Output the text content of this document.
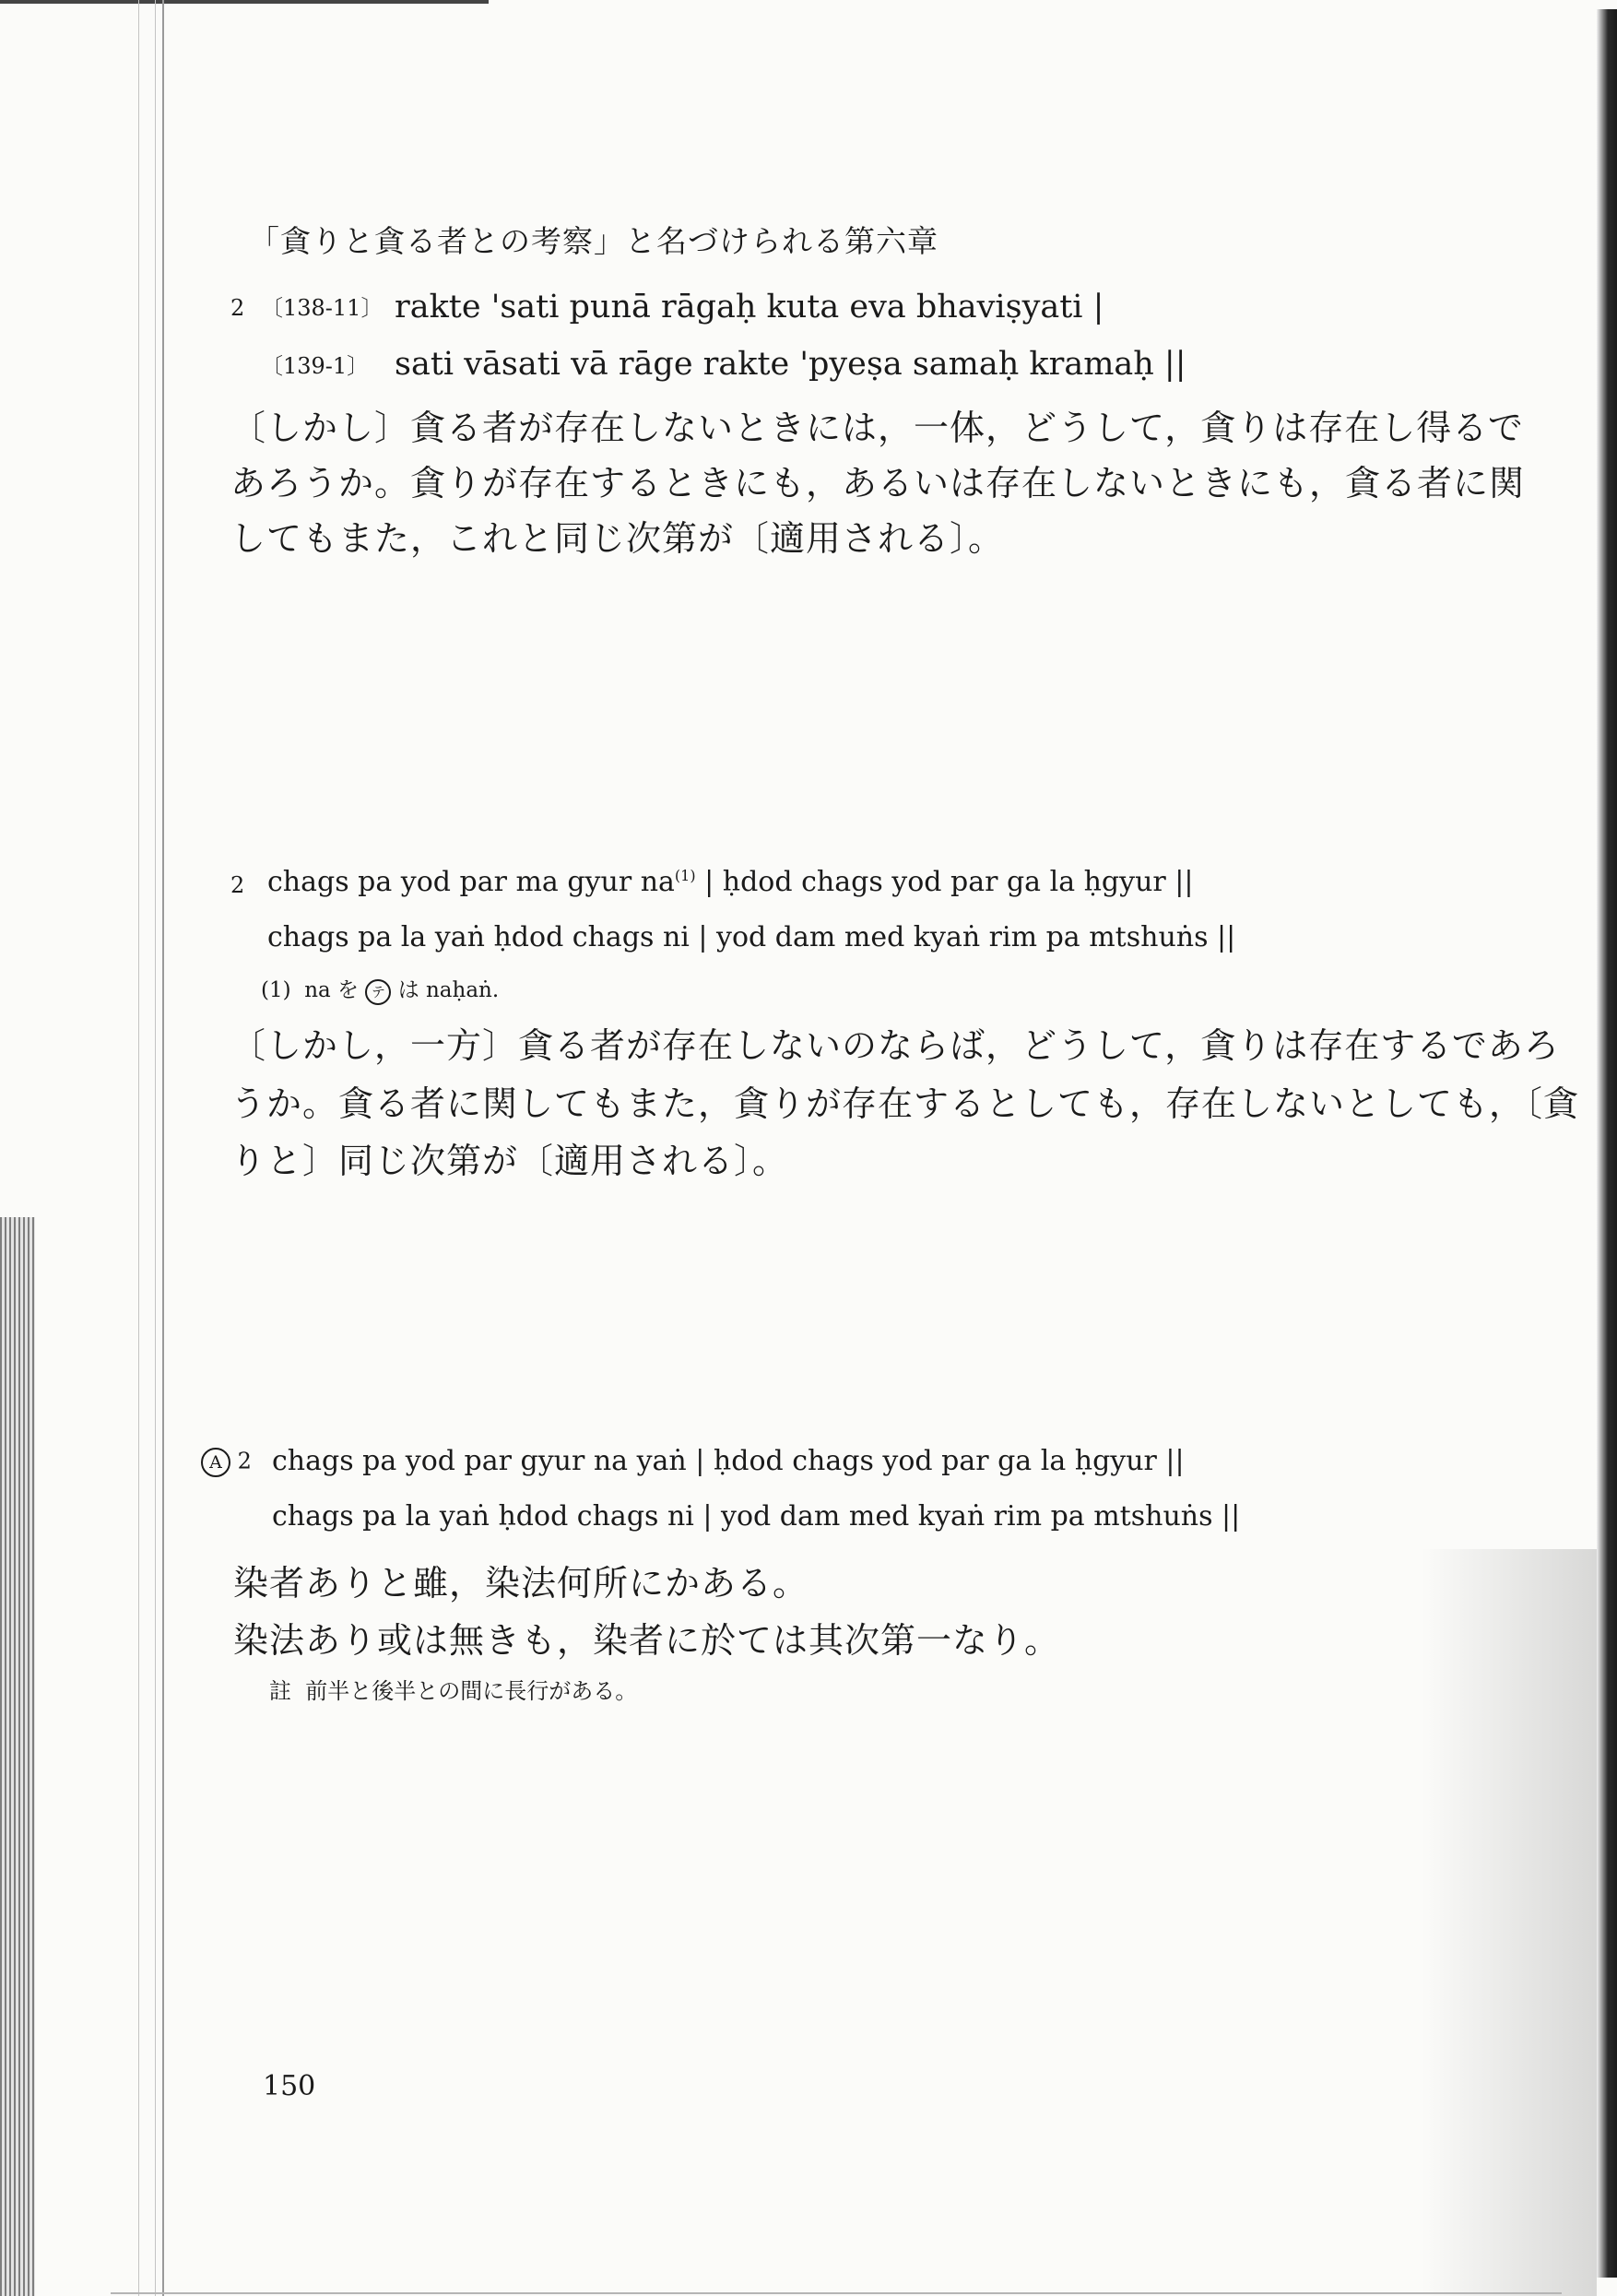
「貪りと貪る者との考察」と名づけられる第六章
2 〔138-11〕 rakte 'sati punā rāgaḥ kuta eva bhaviṣyati |
〔139-1〕 sati vāsati vā rāge rakte 'pyeṣa samaḥ kramaḥ ||
〔しかし〕貪る者が存在しないときには，一体，どうして，貪りは存在し得るで
あろうか。貪りが存在するときにも，あるいは存在しないときにも，貪る者に関
してもまた，これと同じ次第が〔適用される〕。
2 chags pa yod par ma gyur $na^{(1)}$ | ḥdod chags yod par ga la ḥgyur ||
chags pa la yaṅ ḥdod chags ni | yod dam med kyaṅ rim pa mtshuṅs ||
(1) na を テ は naḥaṅ.
〔しかし，一方〕貪る者が存在しないのならば，どうして，貪りは存在するであろ
うか。貪る者に関してもまた，貪りが存在するとしても，存在しないとしても，〔貪
りと〕同じ次第が〔適用される〕。
A 2 chags pa yod par gyur na yaṅ | ḥdod chags yod par ga la ḥgyur ||
chags pa la yaṅ ḥdod chags ni | yod dam med kyaṅ rim pa mtshuṅs ||
染者ありと雖，染法何所にかある。
染法あり或は無きも，染者に於ては其次第一なり。
註 前半と後半との間に長行がある。
150
